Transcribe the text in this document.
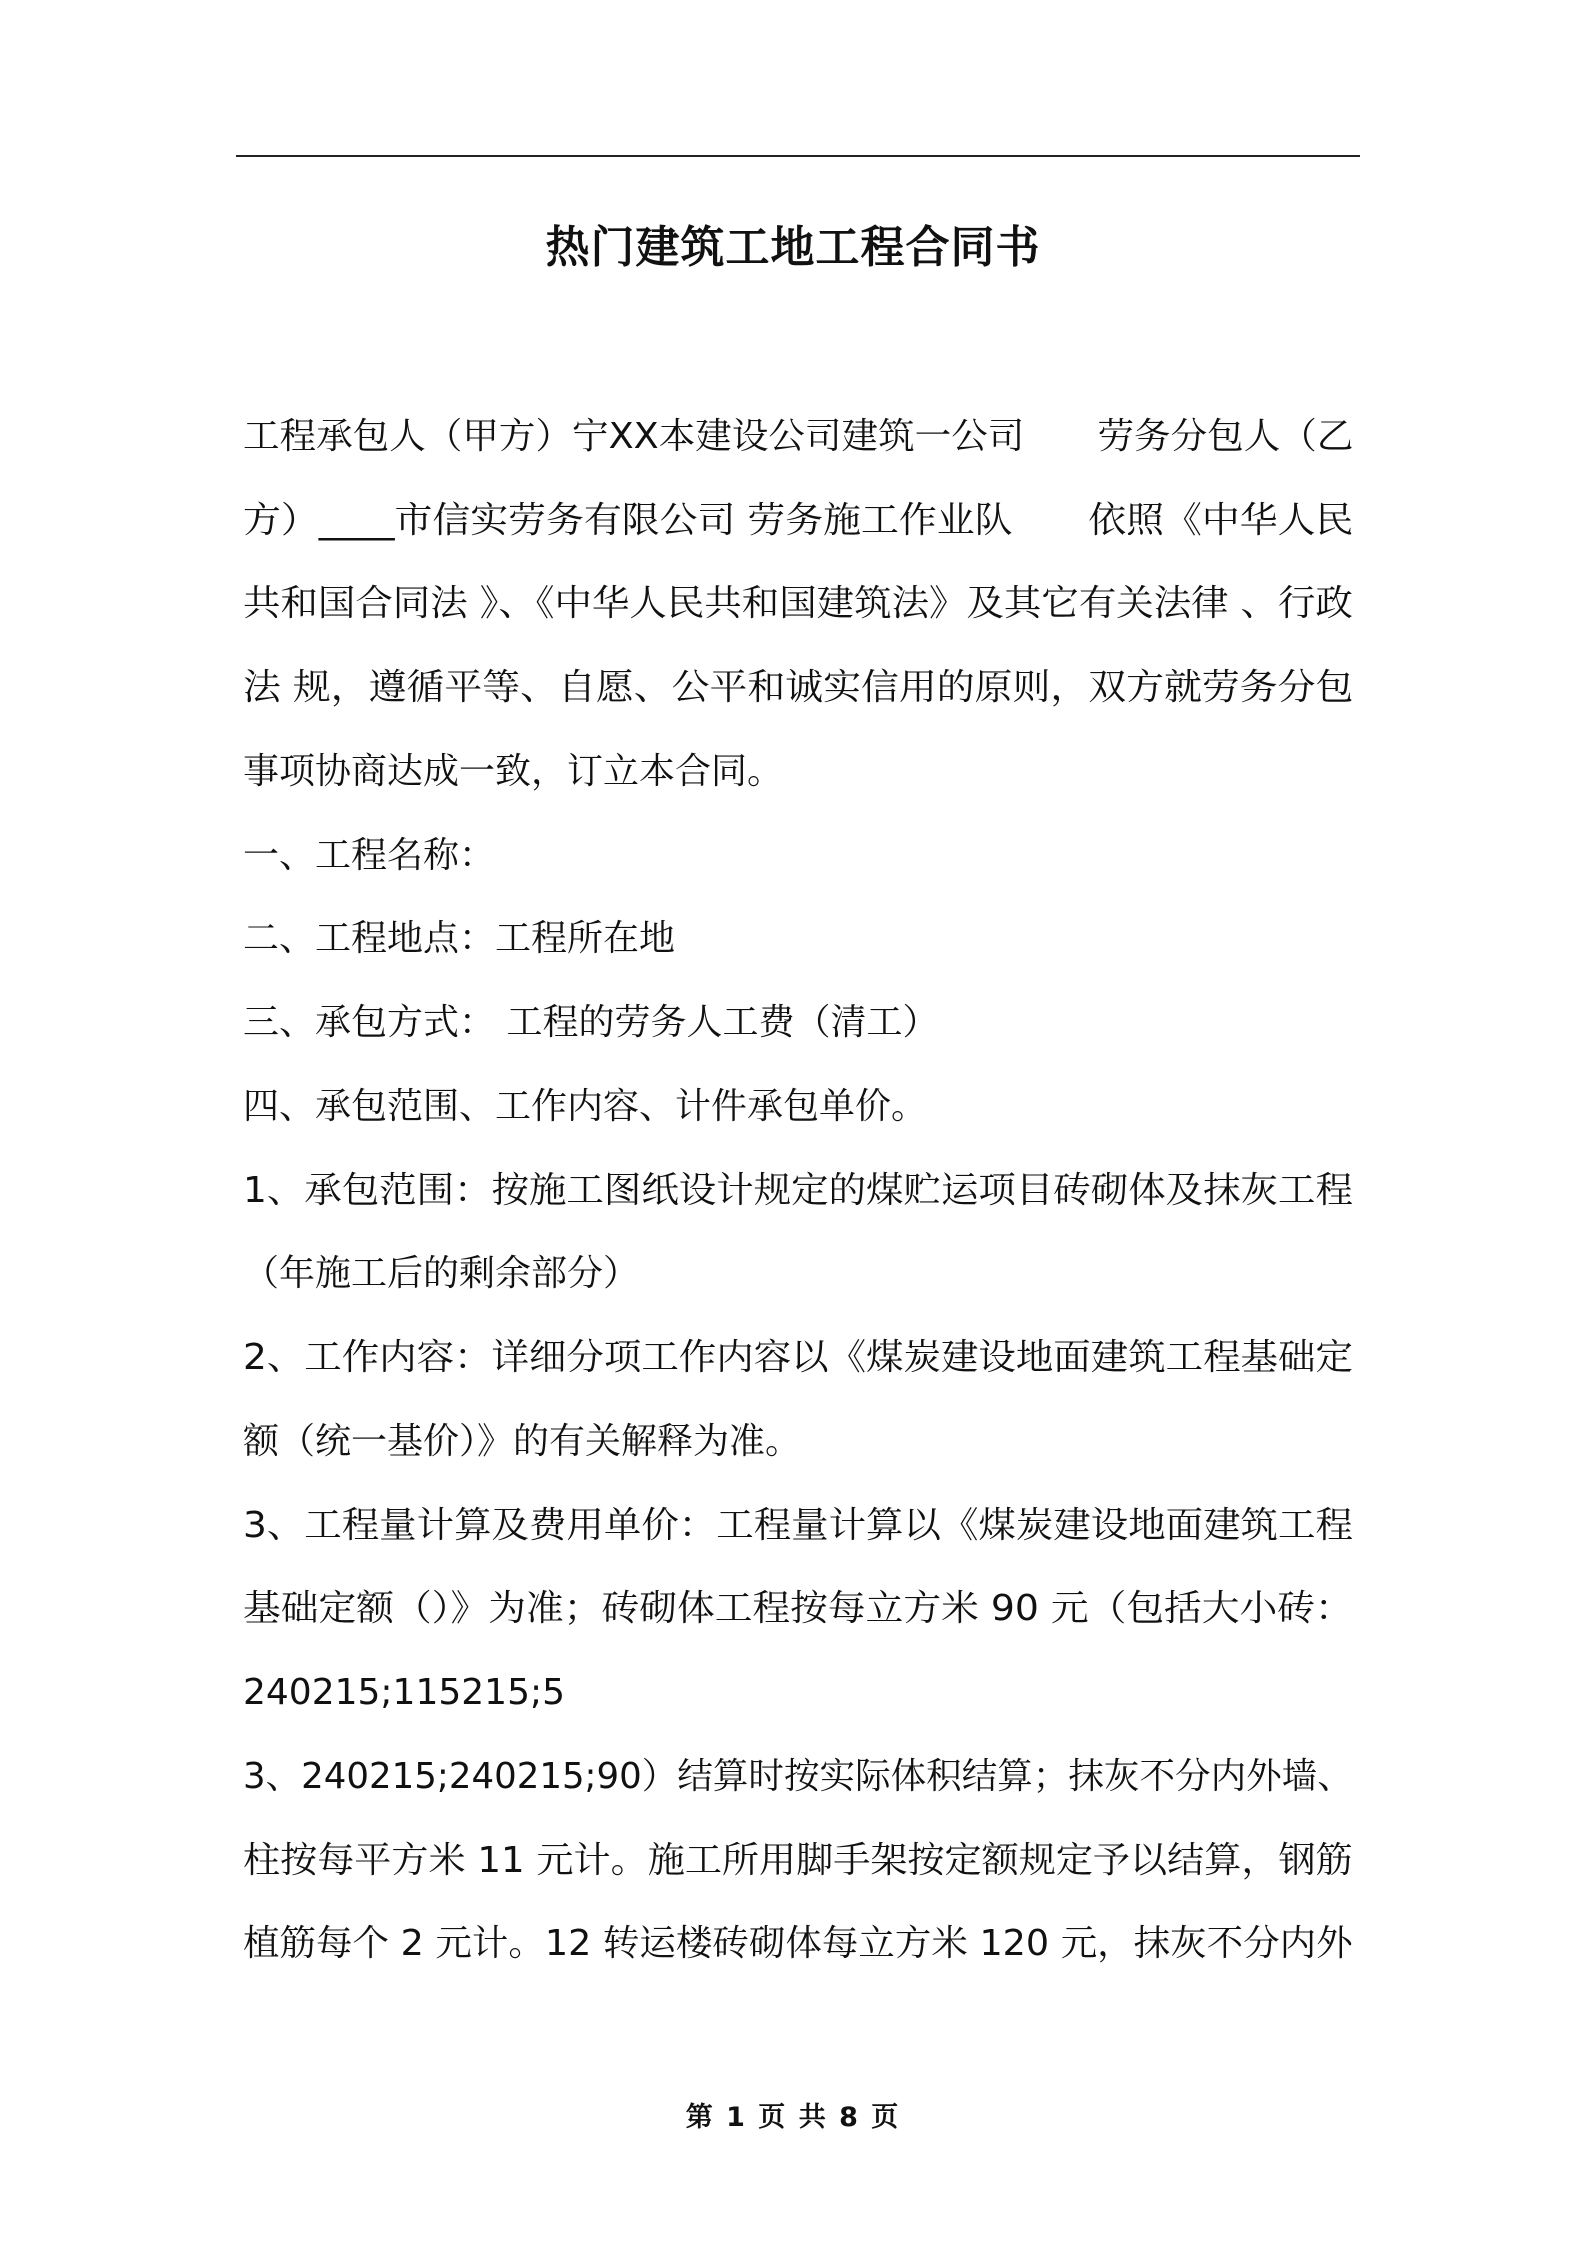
热门建筑工地工程合同书
工程承包人（甲方）宁XX本建设公司建筑一公司　　劳务分包人（乙
方）____市信实劳务有限公司 劳务施工作业队　　依照《中华人民
共和国合同法 》、《中华人民共和国建筑法》及其它有关法律 、行政
法 规，遵循平等、自愿、公平和诚实信用的原则，双方就劳务分包
事项协商达成一致，订立本合同。
一、工程名称：
二、工程地点：工程所在地
三、承包方式： 工程的劳务人工费（清工）
四、承包范围、工作内容、计件承包单价。
1、承包范围：按施工图纸设计规定的煤贮运项目砖砌体及抹灰工程
（年施工后的剩余部分）
2、工作内容：详细分项工作内容以《煤炭建设地面建筑工程基础定
额（统一基价）》的有关解释为准。
3、工程量计算及费用单价：工程量计算以《煤炭建设地面建筑工程
基础定额（）》为准；砖砌体工程按每立方米 90 元（包括大小砖：
240215;115215;5
3、240215;240215;90）结算时按实际体积结算；抹灰不分内外墙、
柱按每平方米 11 元计。施工所用脚手架按定额规定予以结算，钢筋
植筋每个 2 元计。12 转运楼砖砌体每立方米 120 元，抹灰不分内外
第 1 页 共 8 页
